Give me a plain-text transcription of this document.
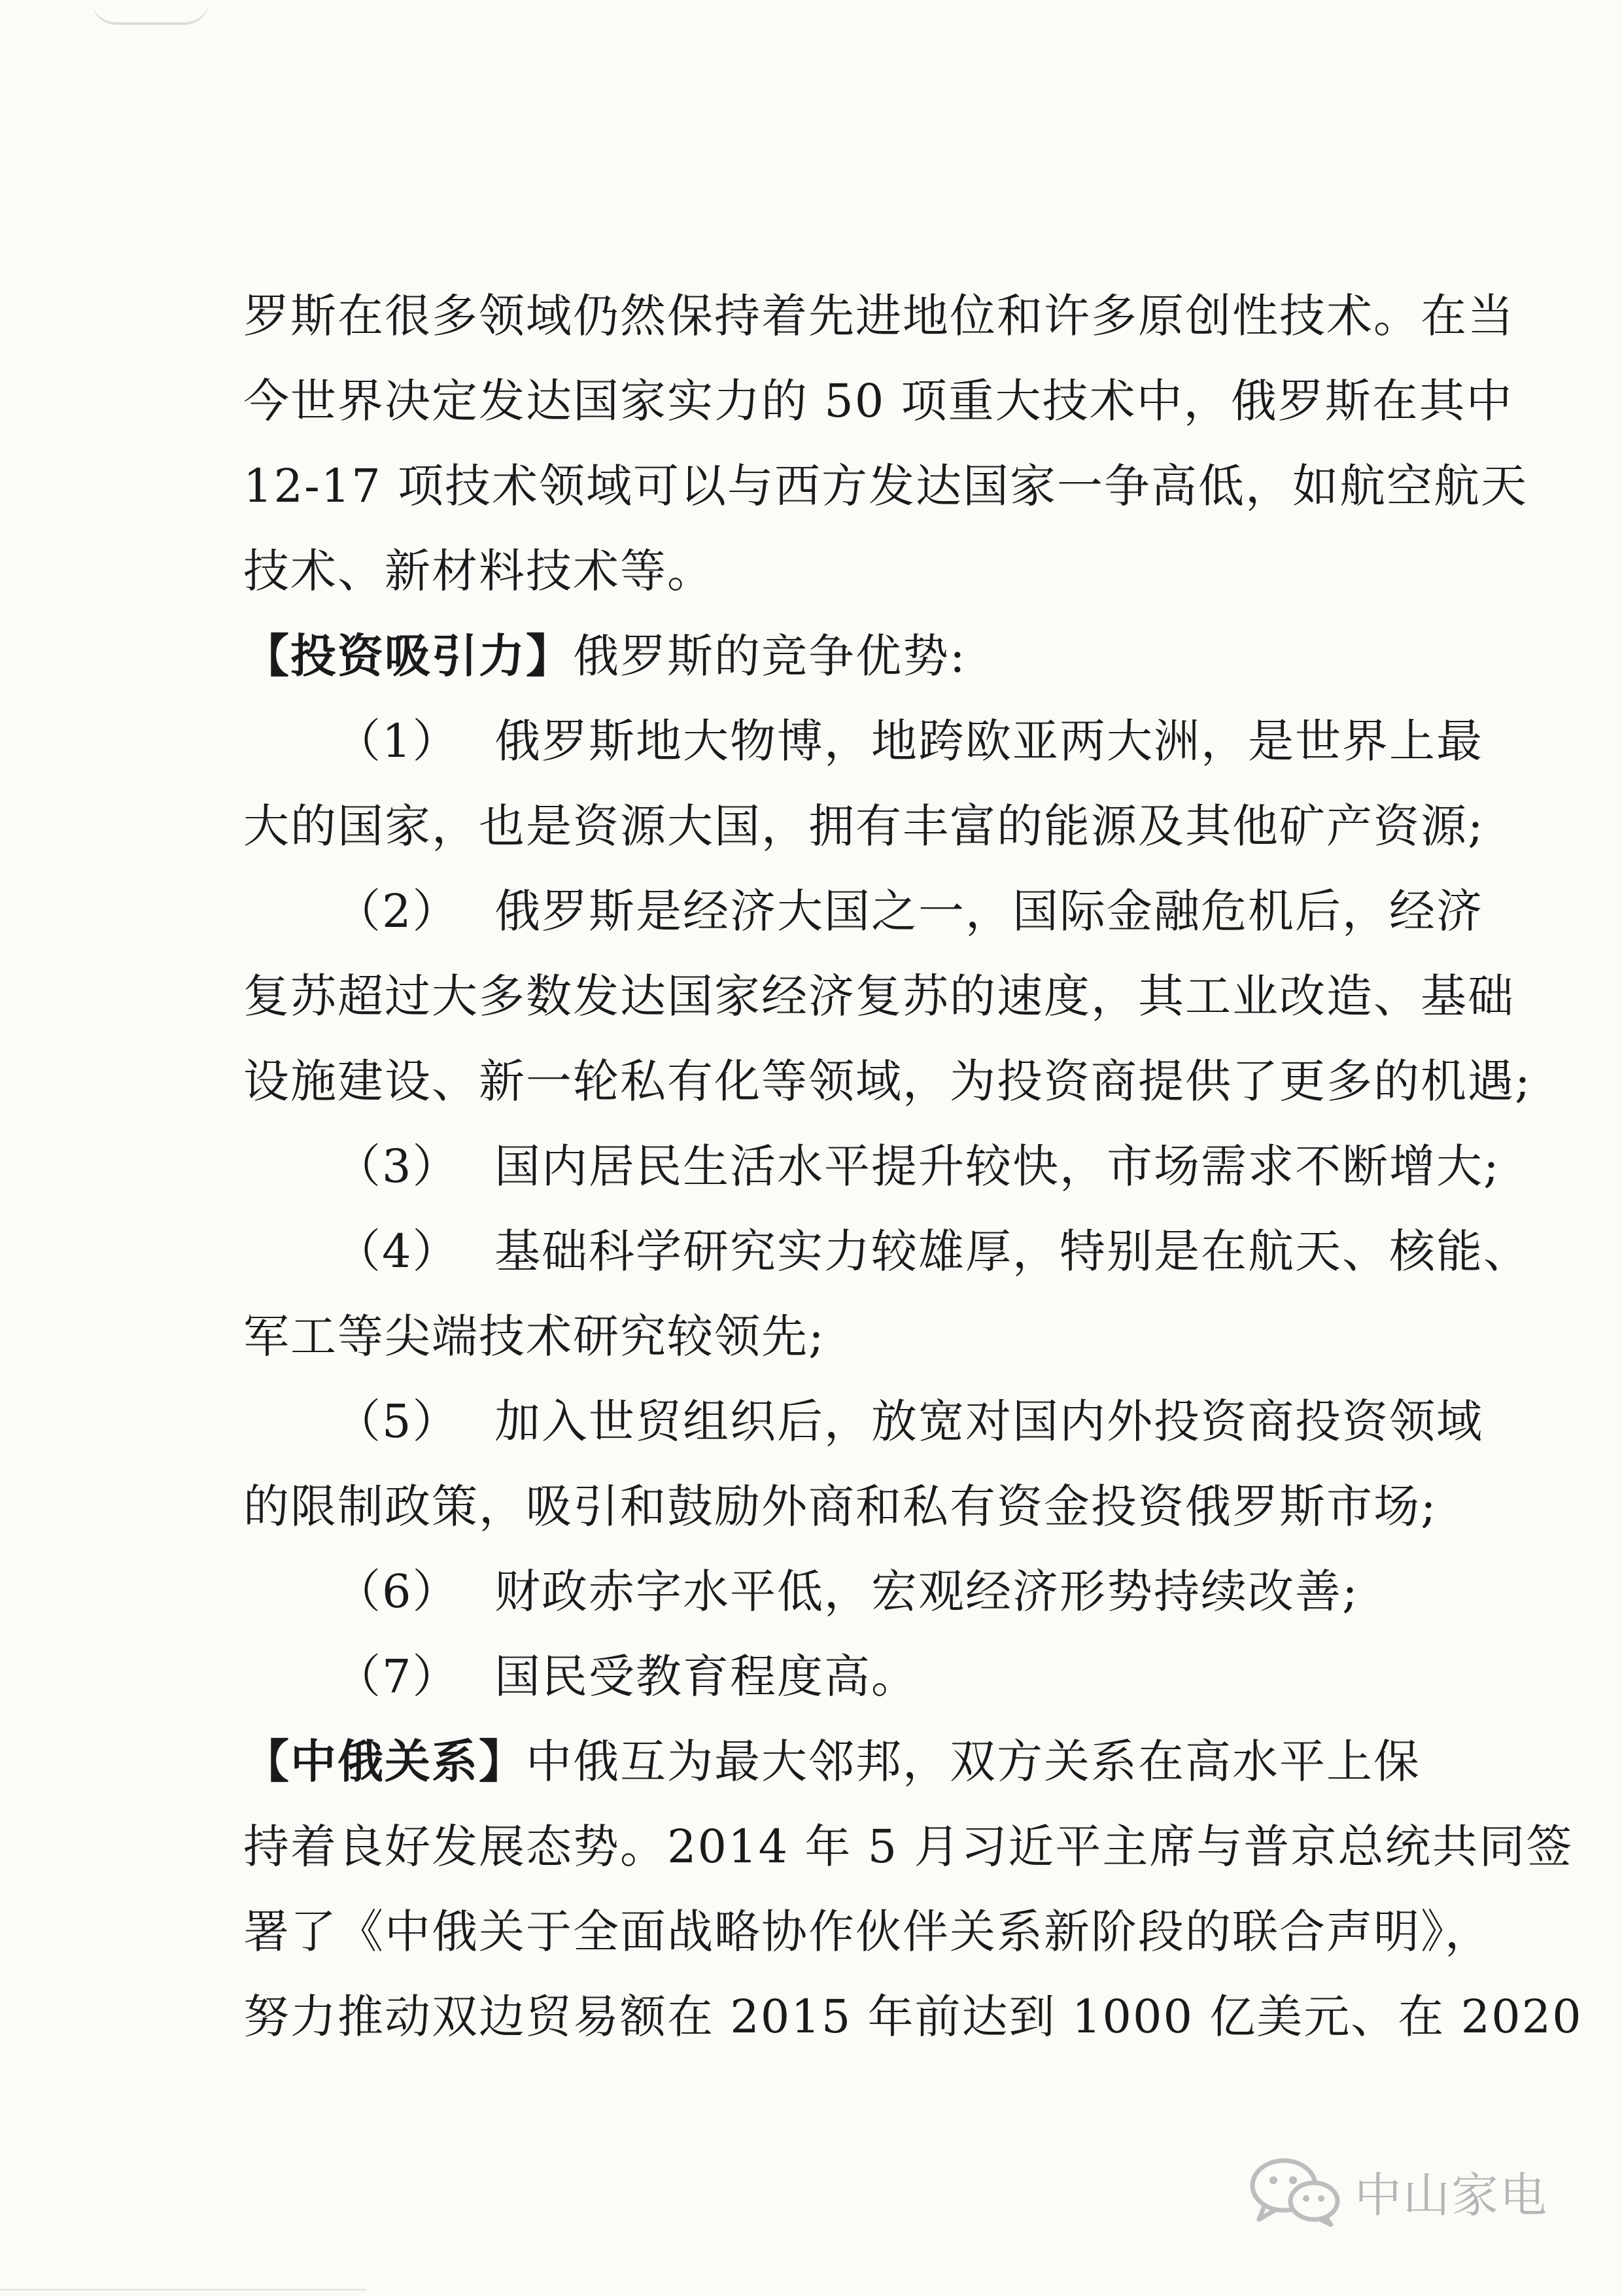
罗斯在很多领域仍然保持着先进地位和许多原创性技术。在当
今世界决定发达国家实力的 50 项重大技术中，俄罗斯在其中
12-17 项技术领域可以与西方发达国家一争高低，如航空航天
技术、新材料技术等。
【投资吸引力】俄罗斯的竞争优势:
（1） 俄罗斯地大物博，地跨欧亚两大洲，是世界上最
大的国家，也是资源大国，拥有丰富的能源及其他矿产资源;
（2） 俄罗斯是经济大国之一，国际金融危机后，经济
复苏超过大多数发达国家经济复苏的速度，其工业改造、基础
设施建设、新一轮私有化等领域，为投资商提供了更多的机遇;
（3） 国内居民生活水平提升较快，市场需求不断增大;
（4） 基础科学研究实力较雄厚，特别是在航天、核能、
军工等尖端技术研究较领先;
（5） 加入世贸组织后，放宽对国内外投资商投资领域
的限制政策，吸引和鼓励外商和私有资金投资俄罗斯市场;
（6） 财政赤字水平低，宏观经济形势持续改善;
（7） 国民受教育程度高。
【中俄关系】中俄互为最大邻邦，双方关系在高水平上保
持着良好发展态势。2014 年 5 月习近平主席与普京总统共同签
署了《中俄关于全面战略协作伙伴关系新阶段的联合声明》，
努力推动双边贸易额在 2015 年前达到 1000 亿美元、在 2020
中山家电
